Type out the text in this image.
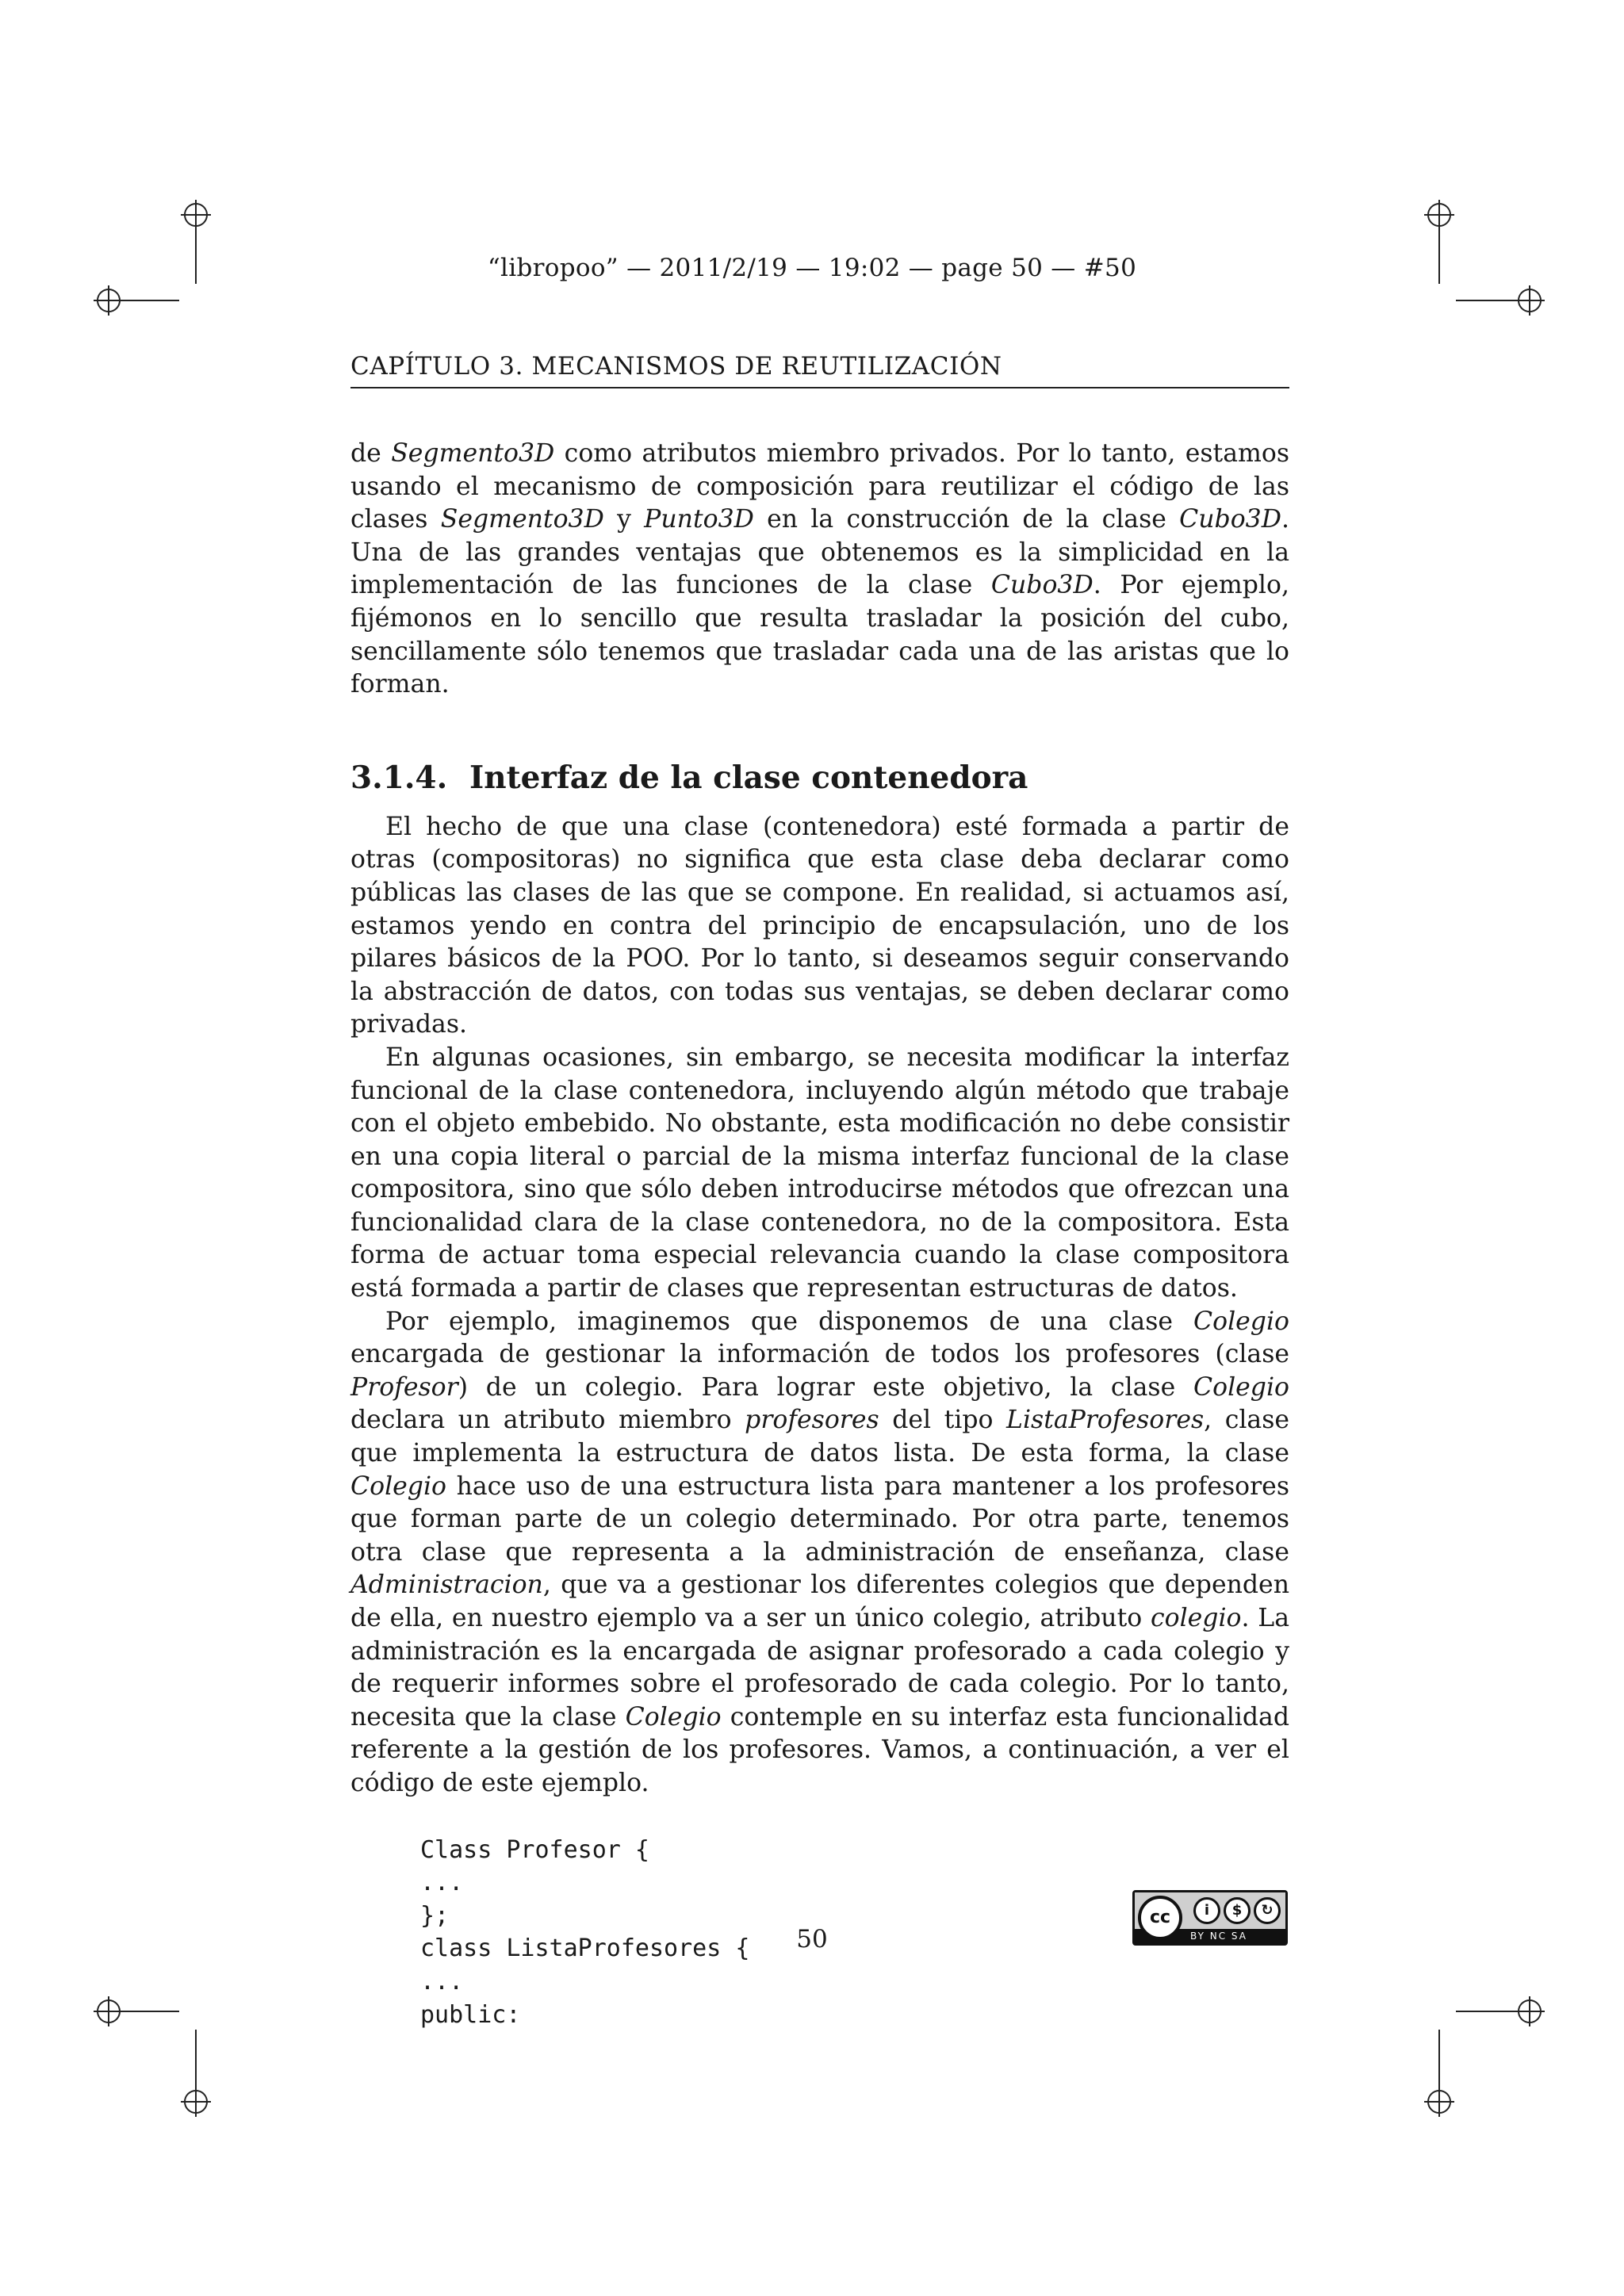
“libropoo” — 2011/2/19 — 19:02 — page 50 — #50
CAPÍTULO 3. MECANISMOS DE REUTILIZACIÓN

de Segmento3D como atributos miembro privados. Por lo tanto, estamos usando el mecanismo de composición para reutilizar el código de las clases Segmento3D y Punto3D en la construcción de la clase Cubo3D. Una de las grandes ventajas que obtenemos es la simplicidad en la implementación de las funciones de la clase Cubo3D. Por ejemplo, fijémonos en lo sencillo que resulta trasladar la posición del cubo, sencillamente sólo tenemos que trasladar cada una de las aristas que lo forman.

3.1.4. Interfaz de la clase contenedora

El hecho de que una clase (contenedora) esté formada a partir de otras (compositoras) no significa que esta clase deba declarar como públicas las clases de las que se compone. En realidad, si actuamos así, estamos yendo en contra del principio de encapsulación, uno de los pilares básicos de la POO. Por lo tanto, si deseamos seguir conservando la abstracción de datos, con todas sus ventajas, se deben declarar como privadas.

En algunas ocasiones, sin embargo, se necesita modificar la interfaz funcional de la clase contenedora, incluyendo algún método que trabaje con el objeto embebido. No obstante, esta modificación no debe consistir en una copia literal o parcial de la misma interfaz funcional de la clase compositora, sino que sólo deben introducirse métodos que ofrezcan una funcionalidad clara de la clase contenedora, no de la compositora. Esta forma de actuar toma especial relevancia cuando la clase compositora está formada a partir de clases que representan estructuras de datos.

Por ejemplo, imaginemos que disponemos de una clase Colegio encargada de gestionar la información de todos los profesores (clase Profesor) de un colegio. Para lograr este objetivo, la clase Colegio declara un atributo miembro profesores del tipo ListaProfesores, clase que implementa la estructura de datos lista. De esta forma, la clase Colegio hace uso de una estructura lista para mantener a los profesores que forman parte de un colegio determinado. Por otra parte, tenemos otra clase que representa a la administración de enseñanza, clase Administracion, que va a gestionar los diferentes colegios que dependen de ella, en nuestro ejemplo va a ser un único colegio, atributo colegio. La administración es la encargada de asignar profesorado a cada colegio y de requerir informes sobre el profesorado de cada colegio. Por lo tanto, necesita que la clase Colegio contemple en su interfaz esta funcionalidad referente a la gestión de los profesores. Vamos, a continuación, a ver el código de este ejemplo.

Class Profesor {
...
};
class ListaProfesores {
...
public:
50
cc	i	$	↻
BY NC SA
